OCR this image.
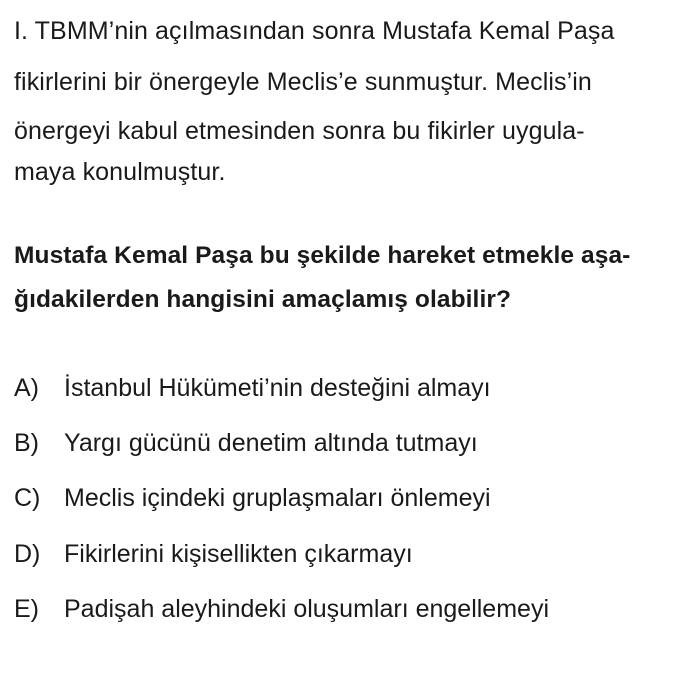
I. TBMM’nin açılmasından sonra Mustafa Kemal Paşa
fikirlerini bir önergeyle Meclis’e sunmuştur. Meclis’in
önergeyi kabul etmesinden sonra bu fikirler uygula-
maya konulmuştur.
Mustafa Kemal Paşa bu şekilde hareket etmekle aşa-
ğıdakilerden hangisini amaçlamış olabilir?
A) İstanbul Hükümeti’nin desteğini almayı
B) Yargı gücünü denetim altında tutmayı
C) Meclis içindeki gruplaşmaları önlemeyi
D) Fikirlerini kişisellikten çıkarmayı
E) Padişah aleyhindeki oluşumları engellemeyi
